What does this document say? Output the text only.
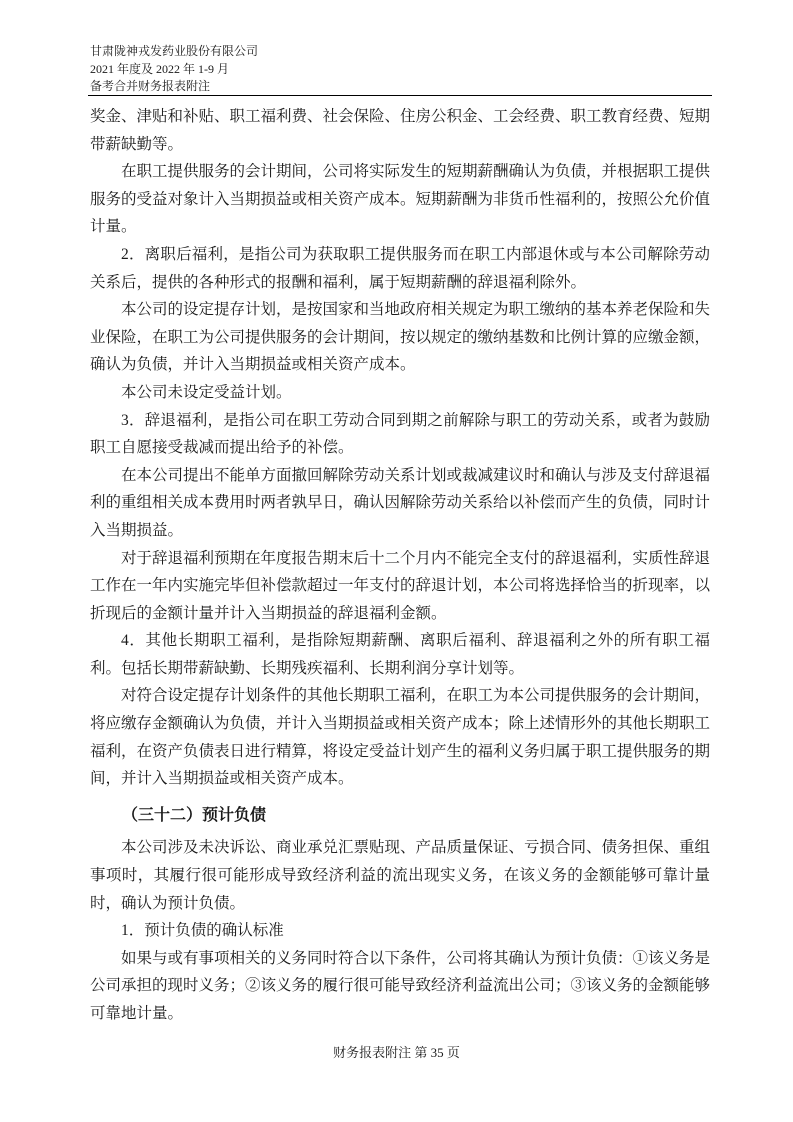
甘肃陇神戎发药业股份有限公司
2021 年度及 2022 年 1-9 月
备考合并财务报表附注

奖金、津贴和补贴、职工福利费、社会保险、住房公积金、工会经费、职工教育经费、短期带薪缺勤等。

在职工提供服务的会计期间，公司将实际发生的短期薪酬确认为负债，并根据职工提供服务的受益对象计入当期损益或相关资产成本。短期薪酬为非货币性福利的，按照公允价值计量。

2．离职后福利，是指公司为获取职工提供服务而在职工内部退休或与本公司解除劳动关系后，提供的各种形式的报酬和福利，属于短期薪酬的辞退福利除外。

本公司的设定提存计划，是按国家和当地政府相关规定为职工缴纳的基本养老保险和失业保险，在职工为公司提供服务的会计期间，按以规定的缴纳基数和比例计算的应缴金额，确认为负债，并计入当期损益或相关资产成本。

本公司未设定受益计划。

3．辞退福利，是指公司在职工劳动合同到期之前解除与职工的劳动关系，或者为鼓励职工自愿接受裁减而提出给予的补偿。

在本公司提出不能单方面撤回解除劳动关系计划或裁减建议时和确认与涉及支付辞退福利的重组相关成本费用时两者孰早日，确认因解除劳动关系给以补偿而产生的负债，同时计入当期损益。

对于辞退福利预期在年度报告期末后十二个月内不能完全支付的辞退福利，实质性辞退工作在一年内实施完毕但补偿款超过一年支付的辞退计划，本公司将选择恰当的折现率，以折现后的金额计量并计入当期损益的辞退福利金额。

4．其他长期职工福利，是指除短期薪酬、离职后福利、辞退福利之外的所有职工福利。包括长期带薪缺勤、长期残疾福利、长期利润分享计划等。

对符合设定提存计划条件的其他长期职工福利，在职工为本公司提供服务的会计期间，将应缴存金额确认为负债，并计入当期损益或相关资产成本；除上述情形外的其他长期职工福利，在资产负债表日进行精算，将设定受益计划产生的福利义务归属于职工提供服务的期间，并计入当期损益或相关资产成本。

（三十二）预计负债

本公司涉及未决诉讼、商业承兑汇票贴现、产品质量保证、亏损合同、债务担保、重组事项时，其履行很可能形成导致经济利益的流出现实义务，在该义务的金额能够可靠计量时，确认为预计负债。

1．预计负债的确认标准

如果与或有事项相关的义务同时符合以下条件，公司将其确认为预计负债：①该义务是公司承担的现时义务；②该义务的履行很可能导致经济利益流出公司；③该义务的金额能够可靠地计量。

财务报表附注 第 35 页
